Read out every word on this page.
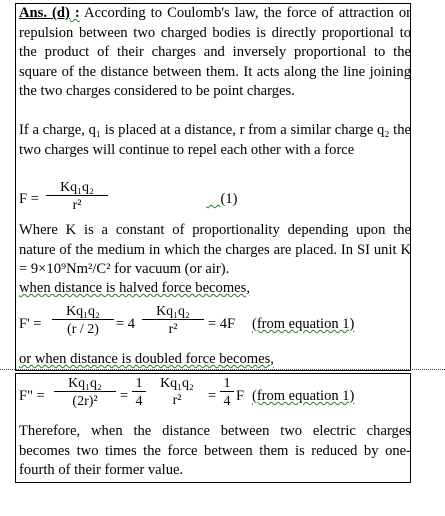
Ans. (d) : According to Coulomb's law, the force of attraction or repulsion between two charged bodies is directly proportional to the product of their charges and inversely proportional to the square of the distance between them. It acts along the line joining the two charges considered to be point charges.

If a charge, q₁ is placed at a distance, r from a similar charge q₂ the two charges will continue to repel each other with a force

$F = \frac{\text{Kq₁q₂}}{\text{r²}}$	(1)

Where K is a constant of proportionality depending upon the nature of the medium in which the charges are placed. In SI unit K = 9×10⁹Nm²/C² for vacuum (or air).

when distance is halved force becomes,

$F' = \frac{\text{Kq₁q₂}}{(r / 2)} = 4 \frac{\text{Kq₁q₂}}{\text{r²}} = 4F$ (from equation 1)

or when distance is doubled force becomes,

F" = $\frac{\text{Kq₁q₂}}{\text{(2r)²}} = \frac{1}{4}$	Kq₁q₂
r²	= $\frac{1}{4}$ F (from equation 1)

Therefore, when the distance between two electric charges becomes two times the force between them is reduced by one-fourth of their former value.
